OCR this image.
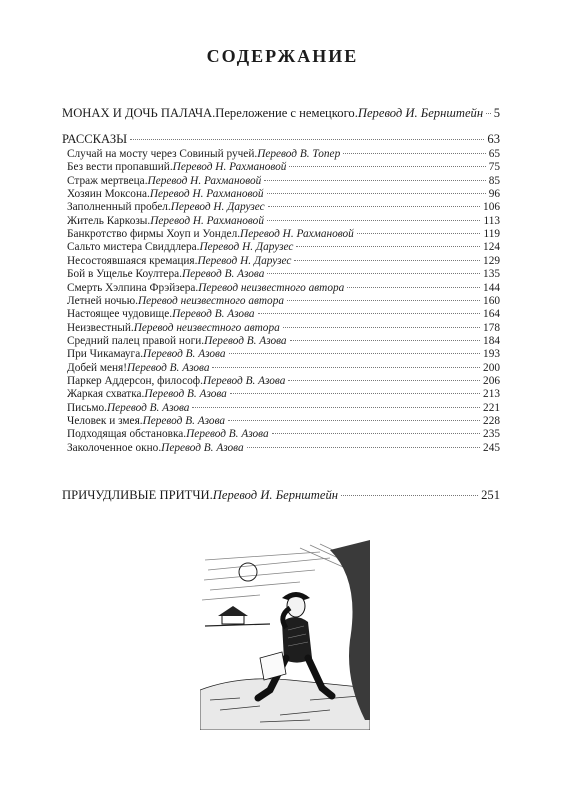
СОДЕРЖАНИЕ
МОНАХ И ДОЧЬ ПАЛАЧА. Переложение с немецкого. Перевод И. Бернштейн 5
РАССКАЗЫ	63
Случай на мосту через Совиный ручей. Перевод В. Топер	65
Без вести пропавший. Перевод Н. Рахмановой	75
Страж мертвеца. Перевод Н. Рахмановой	85
Хозяин Моксона. Перевод Н. Рахмановой	96
Заполненный пробел. Перевод Н. Дарузес	106
Житель Каркозы. Перевод Н. Рахмановой	113
Банкротство фирмы Хоуп и Уондел. Перевод Н. Рахмановой	119
Сальто мистера Свиддлера. Перевод Н. Дарузес	124
Несостоявшаяся кремация. Перевод Н. Дарузес	129
Бой в Ущелье Коултера. Перевод В. Азова	135
Смерть Хэлпина Фрэйзера. Перевод неизвестного автора	144
Летней ночью. Перевод неизвестного автора	160
Настоящее чудовище. Перевод В. Азова	164
Неизвестный. Перевод неизвестного автора	178
Средний палец правой ноги. Перевод В. Азова	184
При Чикамауга. Перевод В. Азова	193
Добей меня! Перевод В. Азова	200
Паркер Аддерсон, философ. Перевод В. Азова	206
Жаркая схватка. Перевод В. Азова	213
Письмо. Перевод В. Азова	221
Человек и змея. Перевод В. Азова	228
Подходящая обстановка. Перевод В. Азова	235
Заколоченное окно. Перевод В. Азова	245
ПРИЧУДЛИВЫЕ ПРИТЧИ. Перевод И. Бернштейн	251
